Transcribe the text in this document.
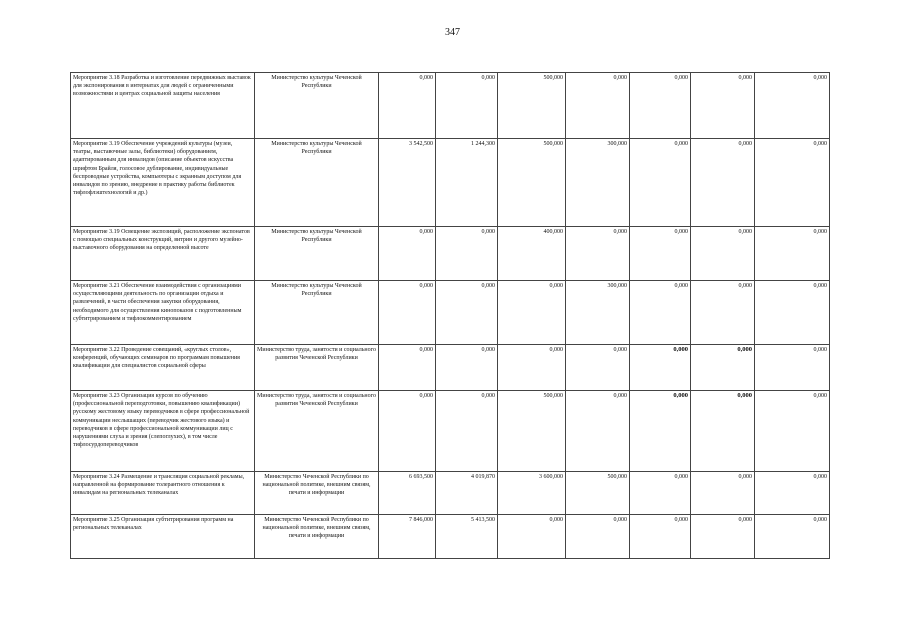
347
Мероприятие 3.18 Разработка и изготовление передвижных выставок для экспонирования в интернатах для людей с ограниченными возможностями и центрах социальной защиты населения	Министерство культуры Чеченской Республики	0,000	0,000	500,000	0,000	0,000	0,000	0,000
Мероприятие 3.19 Обеспечение учреждений культуры (музеи, театры, выставочные залы, библиотеки) оборудованием, адаптированным для инвалидов (описание объектов искусства шрифтом Брайля, голосовое дублирование, индивидуальные беспроводные устройства, компьютеры с экранным доступом для инвалидов по зрению, внедрение в практику работы библиотек тифлофлэштехнологий и др.)	Министерство культуры Чеченской Республики	3 542,500	1 244,300	500,000	300,000	0,000	0,000	0,000
Мероприятие 3.19 Освещение экспозиций, расположение экспонатов с помощью специальных конструкций, витрин и другого музейно-выставочного оборудования на определенной высоте	Министерство культуры Чеченской Республики	0,000	0,000	400,000	0,000	0,000	0,000	0,000
Мероприятие 3.21 Обеспечение взаимодействия с организациями осуществляющими деятельность по организации отдыха и развлечений, в части обеспечения закупки оборудования, необходимого для осуществления кинопоказов с подготовленным субтитрированием и тифлокомментированием	Министерство культуры Чеченской Республики	0,000	0,000	0,000	300,000	0,000	0,000	0,000
Мероприятие 3.22 Проведение совещаний, «круглых столов», конференций, обучающих семинаров по программам повышения квалификации для специалистов социальной сферы	Министерство труда, занятости и социального развития Чеченской Республики	0,000	0,000	0,000	0,000	0,000	0,000	0,000
Мероприятие 3.23 Организация курсов по обучению (профессиональной переподготовки, повышению квалификации) русскому жестовому языку переводчиков в сфере профессиональной коммуникации неслышащих (переводчик жестового языка) и переводчиков в сфере профессиональной коммуникации лиц с нарушениями слуха и зрения (слепоглухих), в том числе тифлосурдопереводчиков	Министерство труда, занятости и социального развития Чеченской Республики	0,000	0,000	500,000	0,000	0,000	0,000	0,000
Мероприятие 3.24 Размещение и трансляция социальной рекламы, направленной на формирование толерантного отношения к инвалидам на региональных телеканалах	Министерство Чеченской Республики по национальной политике, внешним связям, печати и информации	6 693,500	4 019,870	3 600,000	500,000	0,000	0,000	0,000
Мероприятие 3.25 Организация субтитрирования программ на региональных телеканалах	Министерство Чеченской Республики по национальной политике, внешним связям, печати и информации	7 846,000	5 413,500	0,000	0,000	0,000	0,000	0,000
